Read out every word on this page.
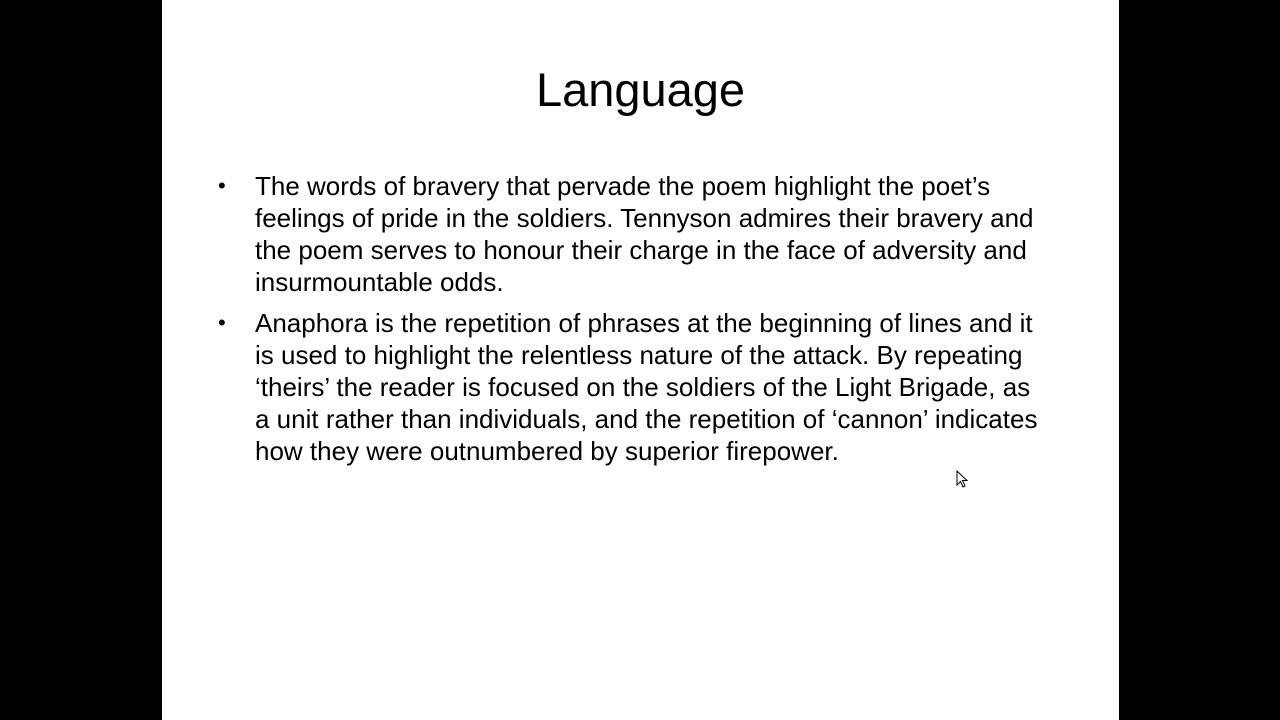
Language
•	The words of bravery that pervade the poem highlight the poet’s feelings of pride in the soldiers. Tennyson admires their bravery and the poem serves to honour their charge in the face of adversity and insurmountable odds.
•	Anaphora is the repetition of phrases at the beginning of lines and it is used to highlight the relentless nature of the attack. By repeating ‘theirs’ the reader is focused on the soldiers of the Light Brigade, as a unit rather than individuals, and the repetition of ‘cannon’ indicates how they were outnumbered by superior firepower.
